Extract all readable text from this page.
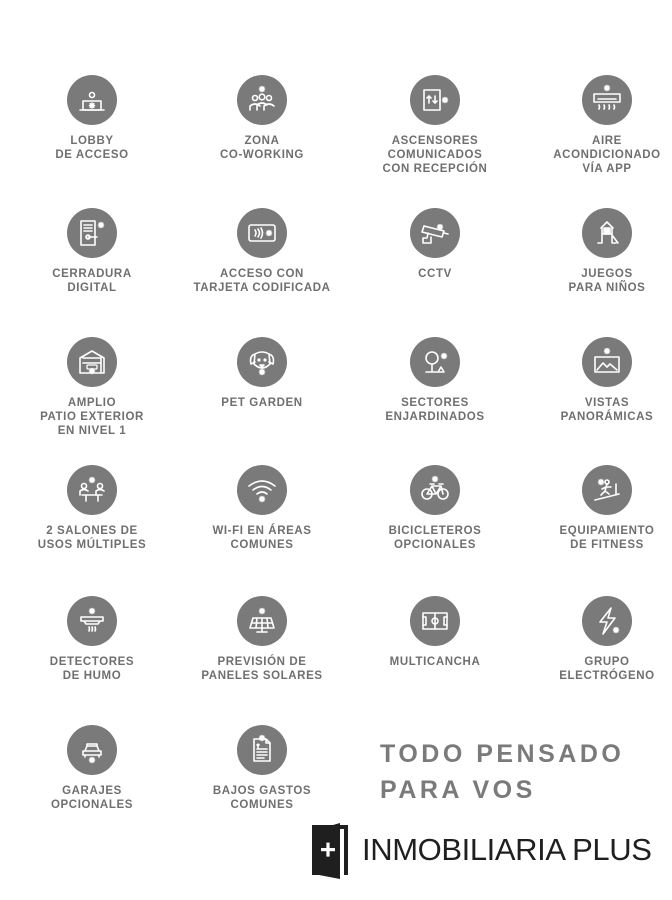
LOBBY
DE ACCESO
ZONA
CO-WORKING
ASCENSORES
COMUNICADOS
CON RECEPCIÓN
AIRE
ACONDICIONADO
VÍA APP
CERRADURA
DIGITAL
ACCESO CON
TARJETA CODIFICADA
CCTV	JUEGOS
PARA NIÑOS
AMPLIO
PATIO EXTERIOR
EN NIVEL 1
PET GARDEN	SECTORES
ENJARDINADOS
VISTAS
PANORÁMICAS
2 SALONES DE
USOS MÚLTIPLES
WI-FI EN ÁREAS
COMUNES
BICICLETEROS
OPCIONALES
EQUIPAMIENTO
DE FITNESS
DETECTORES
DE HUMO
PREVISIÓN DE
PANELES SOLARES
MULTICANCHA	GRUPO
ELECTRÓGENO
GARAJES
OPCIONALES
BAJOS GASTOS
COMUNES
TODO PENSADO
PARA VOS
INMOBILIARIA PLUS
